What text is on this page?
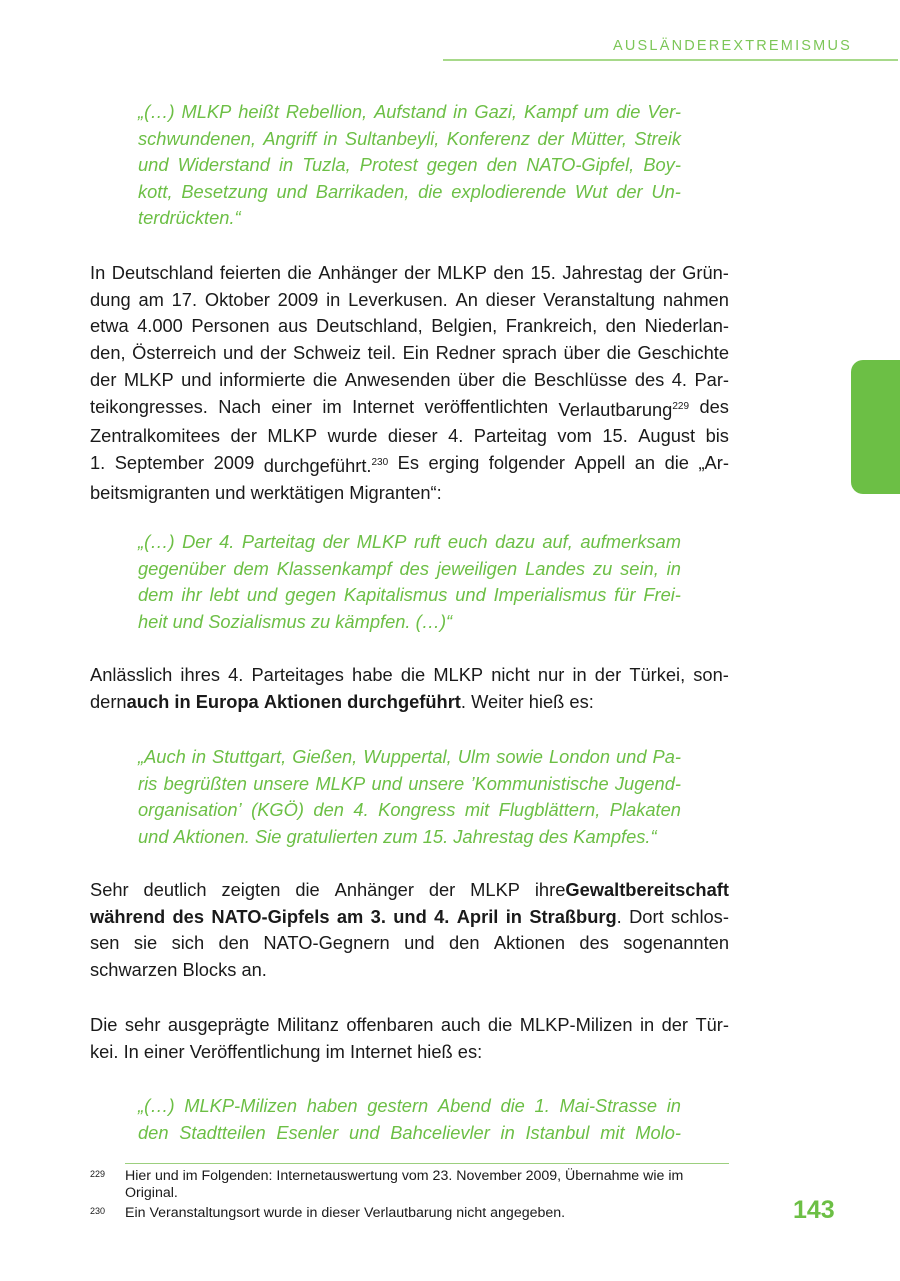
AUSLÄNDEREXTREMISMUS
„(…) MLKP heißt Rebellion, Aufstand in Gazi, Kampf um die Ver-
schwundenen, Angriff in Sultanbeyli, Konferenz der Mütter, Streik
und Widerstand in Tuzla, Protest gegen den NATO-Gipfel, Boy-
kott, Besetzung und Barrikaden, die explodierende Wut der Un-
terdrückten.“
In Deutschland feierten die Anhänger der MLKP den 15. Jahrestag der Grün-
dung am 17. Oktober 2009 in Leverkusen. An dieser Veranstaltung nahmen
etwa 4.000 Personen aus Deutschland, Belgien, Frankreich, den Niederlan-
den, Österreich und der Schweiz teil. Ein Redner sprach über die Geschichte
der MLKP und informierte die Anwesenden über die Beschlüsse des 4. Par-
teikongresses. Nach einer im Internet veröffentlichten Verlautbarung$^{229}$ des
Zentralkomitees der MLKP wurde dieser 4. Parteitag vom 15. August bis
1. September 2009 durchgeführt.$^{230}$ Es erging folgender Appell an die „Ar-
beitsmigranten und werktätigen Migranten“:
„(…) Der 4. Parteitag der MLKP ruft euch dazu auf, aufmerksam
gegenüber dem Klassenkampf des jeweiligen Landes zu sein, in
dem ihr lebt und gegen Kapitalismus und Imperialismus für Frei-
heit und Sozialismus zu kämpfen. (…)“
Anlässlich ihres 4. Parteitages habe die MLKP nicht nur in der Türkei, son-
dernauch in Europa Aktionen durchgeführt. Weiter hieß es:
„Auch in Stuttgart, Gießen, Wuppertal, Ulm sowie London und Pa-
ris begrüßten unsere MLKP und unsere ’Kommunistische Jugend-
organisation’ (KGÖ) den 4. Kongress mit Flugblättern, Plakaten
und Aktionen. Sie gratulierten zum 15. Jahrestag des Kampfes.“
Sehr deutlich zeigten die Anhänger der MLKP ihreGewaltbereitschaft
während des NATO-Gipfels am 3. und 4. April in Straßburg. Dort schlos-
sen sie sich den NATO-Gegnern und den Aktionen des sogenannten
schwarzen Blocks an.
Die sehr ausgeprägte Militanz offenbaren auch die MLKP-Milizen in der Tür-
kei. In einer Veröffentlichung im Internet hieß es:
„(…) MLKP-Milizen haben gestern Abend die 1. Mai-Strasse in
den Stadtteilen Esenler und Bahcelievler in Istanbul mit Molo-
229 Hier und im Folgenden: Internetauswertung vom 23. November 2009, Übernahme wie im Original.
230 Ein Veranstaltungsort wurde in dieser Verlautbarung nicht angegeben.	143
